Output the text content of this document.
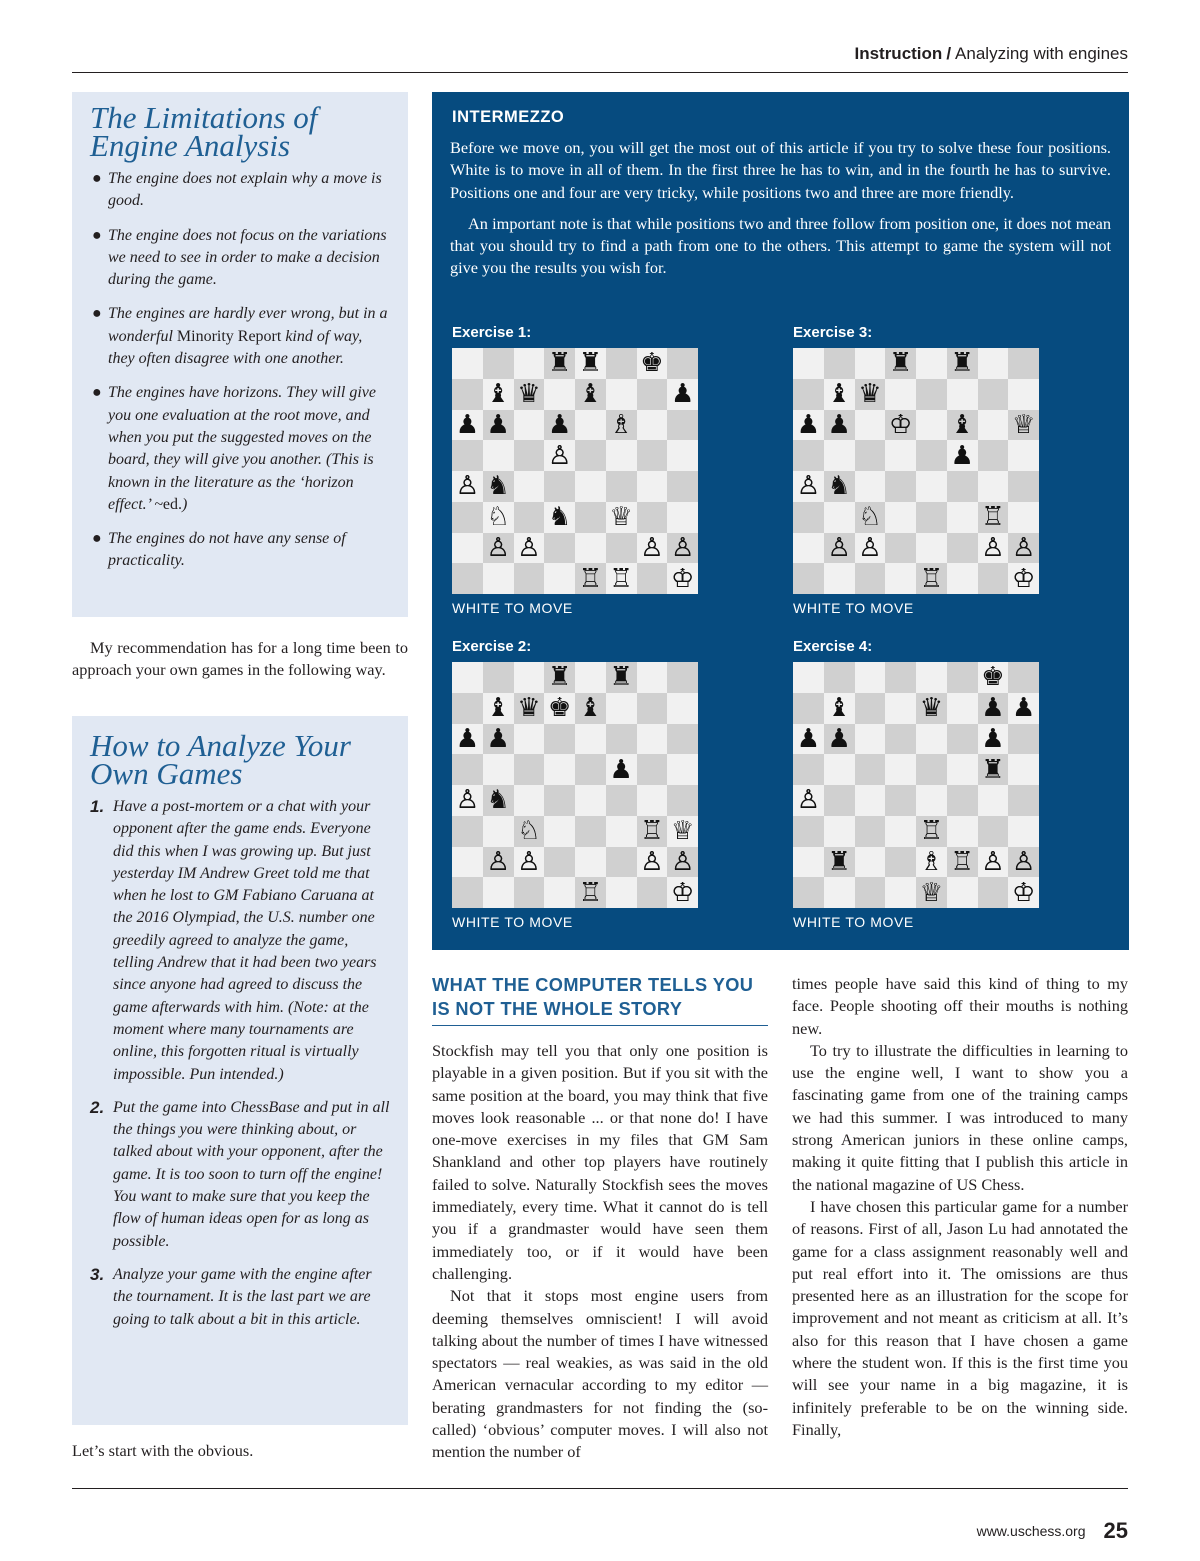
Instruction / Analyzing with engines
The Limitations of Engine Analysis
● The engine does not explain why a move is good.
● The engine does not focus on the variations we need to see in order to make a decision during the game.
● The engines are hardly ever wrong, but in a wonderful Minority Report kind of way, they often disagree with one another.
● The engines have horizons. They will give you one evaluation at the root move, and when you put the suggested moves on the board, they will give you another. (This is known in the literature as the ‘horizon effect.’ ~ed.)
● The engines do not have any sense of practicality.

My recommendation has for a long time been to approach your own games in the following way.

How to Analyze Your Own Games
1. Have a post-mortem or a chat with your opponent after the game ends. Everyone did this when I was growing up. But just yesterday IM Andrew Greet told me that when he lost to GM Fabiano Caruana at the 2016 Olympiad, the U.S. number one greedily agreed to analyze the game, telling Andrew that it had been two years since anyone had agreed to discuss the game afterwards with him. (Note: at the moment where many tournaments are online, this forgotten ritual is virtually impossible. Pun intended.)
2. Put the game into ChessBase and put in all the things you were thinking about, or talked about with your opponent, after the game. It is too soon to turn off the engine! You want to make sure that you keep the flow of human ideas open for as long as possible.
3. Analyze your game with the engine after the tournament. It is the last part we are going to talk about a bit in this article.

Let’s start with the obvious.

INTERMEZZO

Before we move on, you will get the most out of this article if you try to solve these four positions. White is to move in all of them. In the first three he has to win, and in the fourth he has to survive. Positions one and four are very tricky, while positions two and three are more friendly.

An important note is that while positions two and three follow from position one, it does not mean that you should try to find a path from one to the others. This attempt to game the system will not give you the results you wish for.

Exercise 1:
♜ ♜ ♚
♝ ♛ ♝	♟
♟ ♟ ♟ ♗
♙
♙ ♞
♘ ♞ ♕
♙ ♙	♙ ♙
♖ ♖ ♔
WHITE TO MOVE
Exercise 3:
♜ ♜
♝ ♛
♟ ♟ ♔ ♝ ♕
♟
♙ ♞
♘	♖
♙ ♙	♙ ♙
♖	♔
WHITE TO MOVE
Exercise 2:
♜ ♜
♝ ♛ ♚ ♝
♟ ♟
♟
♙ ♞
♘	♖ ♕
♙ ♙	♙ ♙
♖	♔
WHITE TO MOVE
Exercise 4:
♚
♝	♛ ♟ ♟
♟ ♟	♟
♜
♙
♖
♜	♗ ♖ ♙ ♙
♕	♔
WHITE TO MOVE
WHAT THE COMPUTER TELLS YOU IS NOT THE WHOLE STORY

Stockfish may tell you that only one position is playable in a given position. But if you sit with the same position at the board, you may think that five moves look reasonable ... or that none do! I have one-move exercises in my files that GM Sam Shankland and other top players have routinely failed to solve. Naturally Stockfish sees the moves immediately, every time. What it cannot do is tell you if a grandmaster would have seen them immediately too, or if it would have been challenging.

Not that it stops most engine users from deeming themselves omniscient! I will avoid talking about the number of times I have witnessed spectators — real weakies, as was said in the old American vernacular according to my editor — berating grandmasters for not finding the (so-called) ‘obvious’ computer moves. I will also not mention the number of

times people have said this kind of thing to my face. People shooting off their mouths is nothing new.

To try to illustrate the difficulties in learning to use the engine well, I want to show you a fascinating game from one of the training camps we had this summer. I was introduced to many strong American juniors in these online camps, making it quite fitting that I publish this article in the national magazine of US Chess.

I have chosen this particular game for a number of reasons. First of all, Jason Lu had annotated the game for a class assignment reasonably well and put real effort into it. The omissions are thus presented here as an illustration for the scope for improvement and not meant as criticism at all. It’s also for this reason that I have chosen a game where the student won. If this is the first time you will see your name in a big magazine, it is infinitely preferable to be on the winning side. Finally,

www.uschess.org 25
